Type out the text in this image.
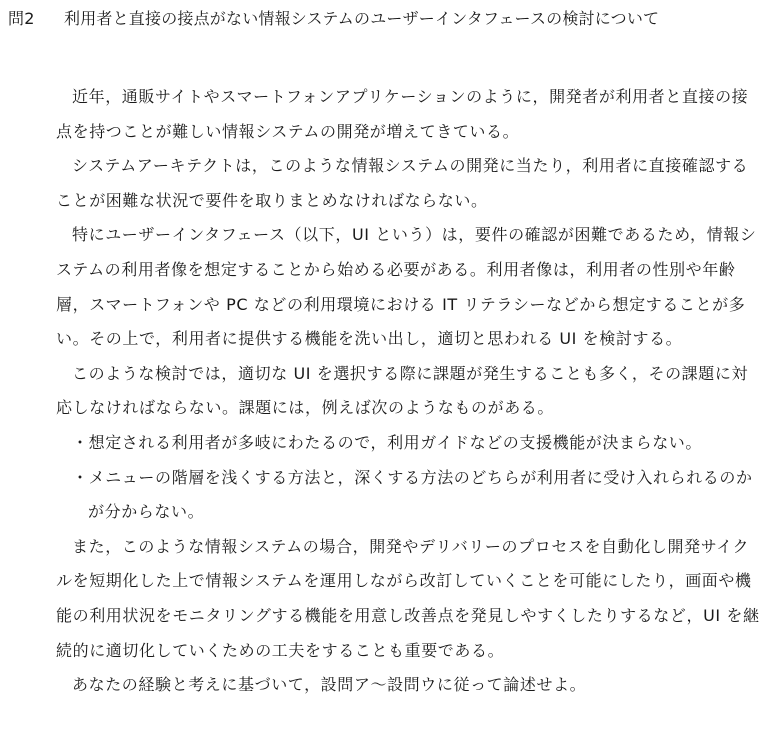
問2 利用者と直接の接点がない情報システムのユーザーインタフェースの検討について

近年，通販サイトやスマートフォンアプリケーションのように，開発者が利用者と直接の接点を持つことが難しい情報システムの開発が増えてきている。

システムアーキテクトは，このような情報システムの開発に当たり，利用者に直接確認することが困難な状況で要件を取りまとめなければならない。

特にユーザーインタフェース（以下，UI という）は，要件の確認が困難であるため，情報システムの利用者像を想定することから始める必要がある。利用者像は，利用者の性別や年齢層，スマートフォンや PC などの利用環境における IT リテラシーなどから想定することが多い。その上で，利用者に提供する機能を洗い出し，適切と思われる UI を検討する。

このような検討では，適切な UI を選択する際に課題が発生することも多く，その課題に対応しなければならない。課題には，例えば次のようなものがある。

・想定される利用者が多岐にわたるので，利用ガイドなどの支援機能が決まらない。
・メニューの階層を浅くする方法と，深くする方法のどちらが利用者に受け入れられるのかが分からない。

また，このような情報システムの場合，開発やデリバリーのプロセスを自動化し開発サイクルを短期化した上で情報システムを運用しながら改訂していくことを可能にしたり，画面や機能の利用状況をモニタリングする機能を用意し改善点を発見しやすくしたりするなど，UI を継続的に適切化していくための工夫をすることも重要である。

あなたの経験と考えに基づいて，設問ア～設問ウに従って論述せよ。
